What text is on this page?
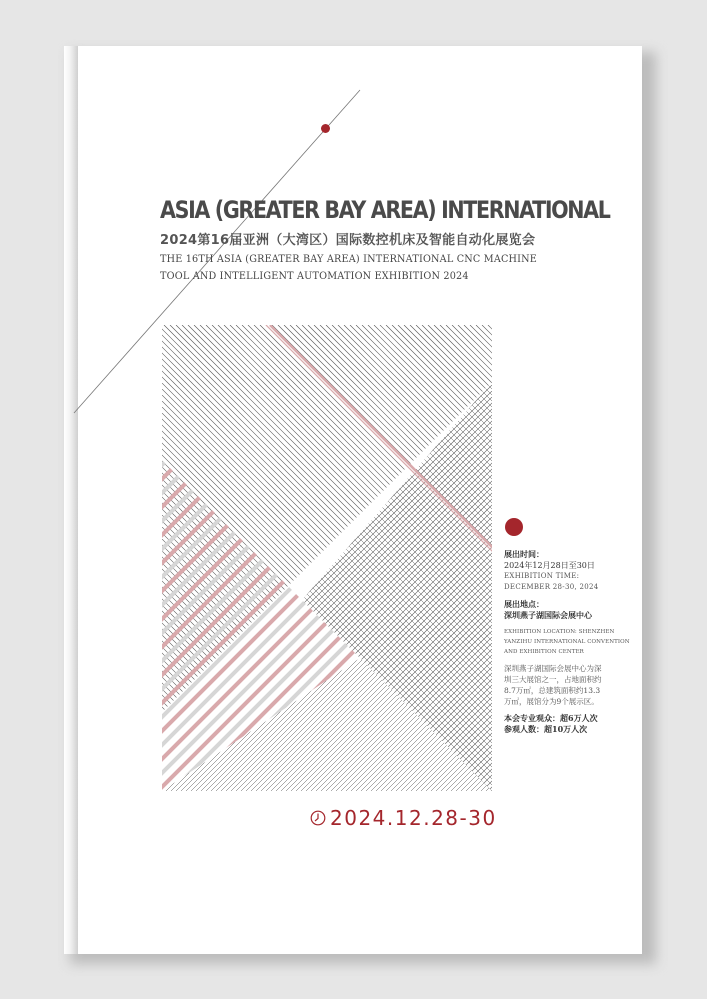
ASIA (GREATER BAY AREA) INTERNATIONAL
2024第16届亚洲（大湾区）国际数控机床及智能自动化展览会
THE 16TH ASIA (GREATER BAY AREA) INTERNATIONAL CNC MACHINE
TOOL AND INTELLIGENT AUTOMATION EXHIBITION 2024
展出时间：
2024年12月28日至30日
EXHIBITION TIME:
DECEMBER 28-30, 2024
展出地点：
深圳燕子湖国际会展中心
EXHIBITION LOCATION: SHENZHEN
YANZIHU INTERNATIONAL CONVENTION
AND EXHIBITION CENTER
深圳燕子湖国际会展中心为深
圳三大展馆之一，占地面积约
8.7万㎡，总建筑面积约13.3
万㎡，展馆分为9个展示区。
本会专业观众：超6万人次
参观人数：超10万人次
2024.12.28-30
